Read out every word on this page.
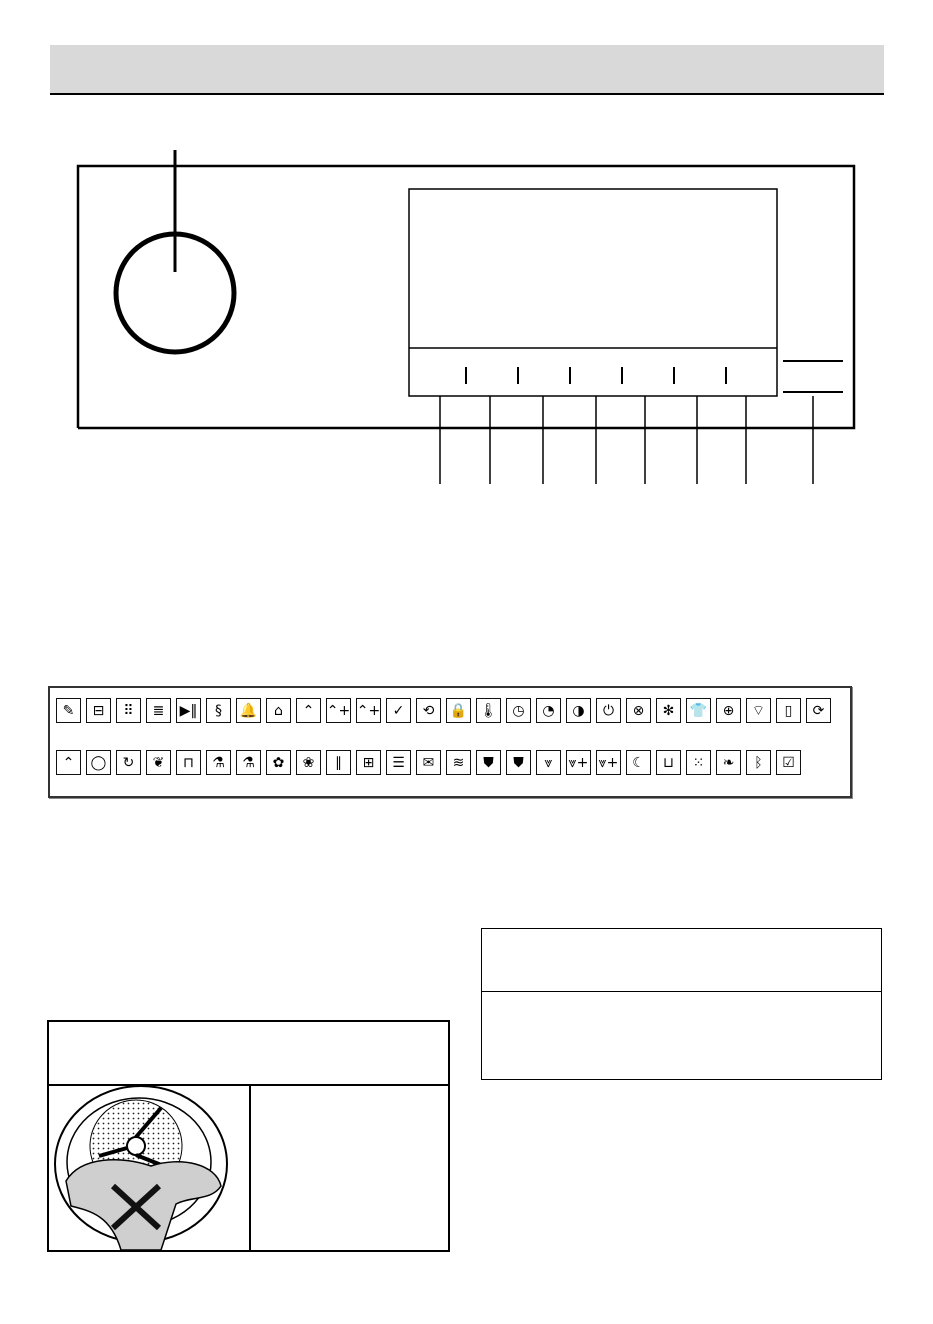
✎	⊟	⠿	≣	▶‖	§	🔔	⌂	⌃ ⌃+ ⌃+ ✓	⟲	🔒 🌡	◷	◔	◑	⏻	⊗	✻	👕	⊕	⌔	▯	⟳
⌃	◯	↻	❦	⊓	⚗	⚗	✿	❀	∥	⊞	☰	✉	≋	⛊	⛊	⩔	⩔+ ⩔+ ☾	⊔	⁙	❧	ᛒ	☑
